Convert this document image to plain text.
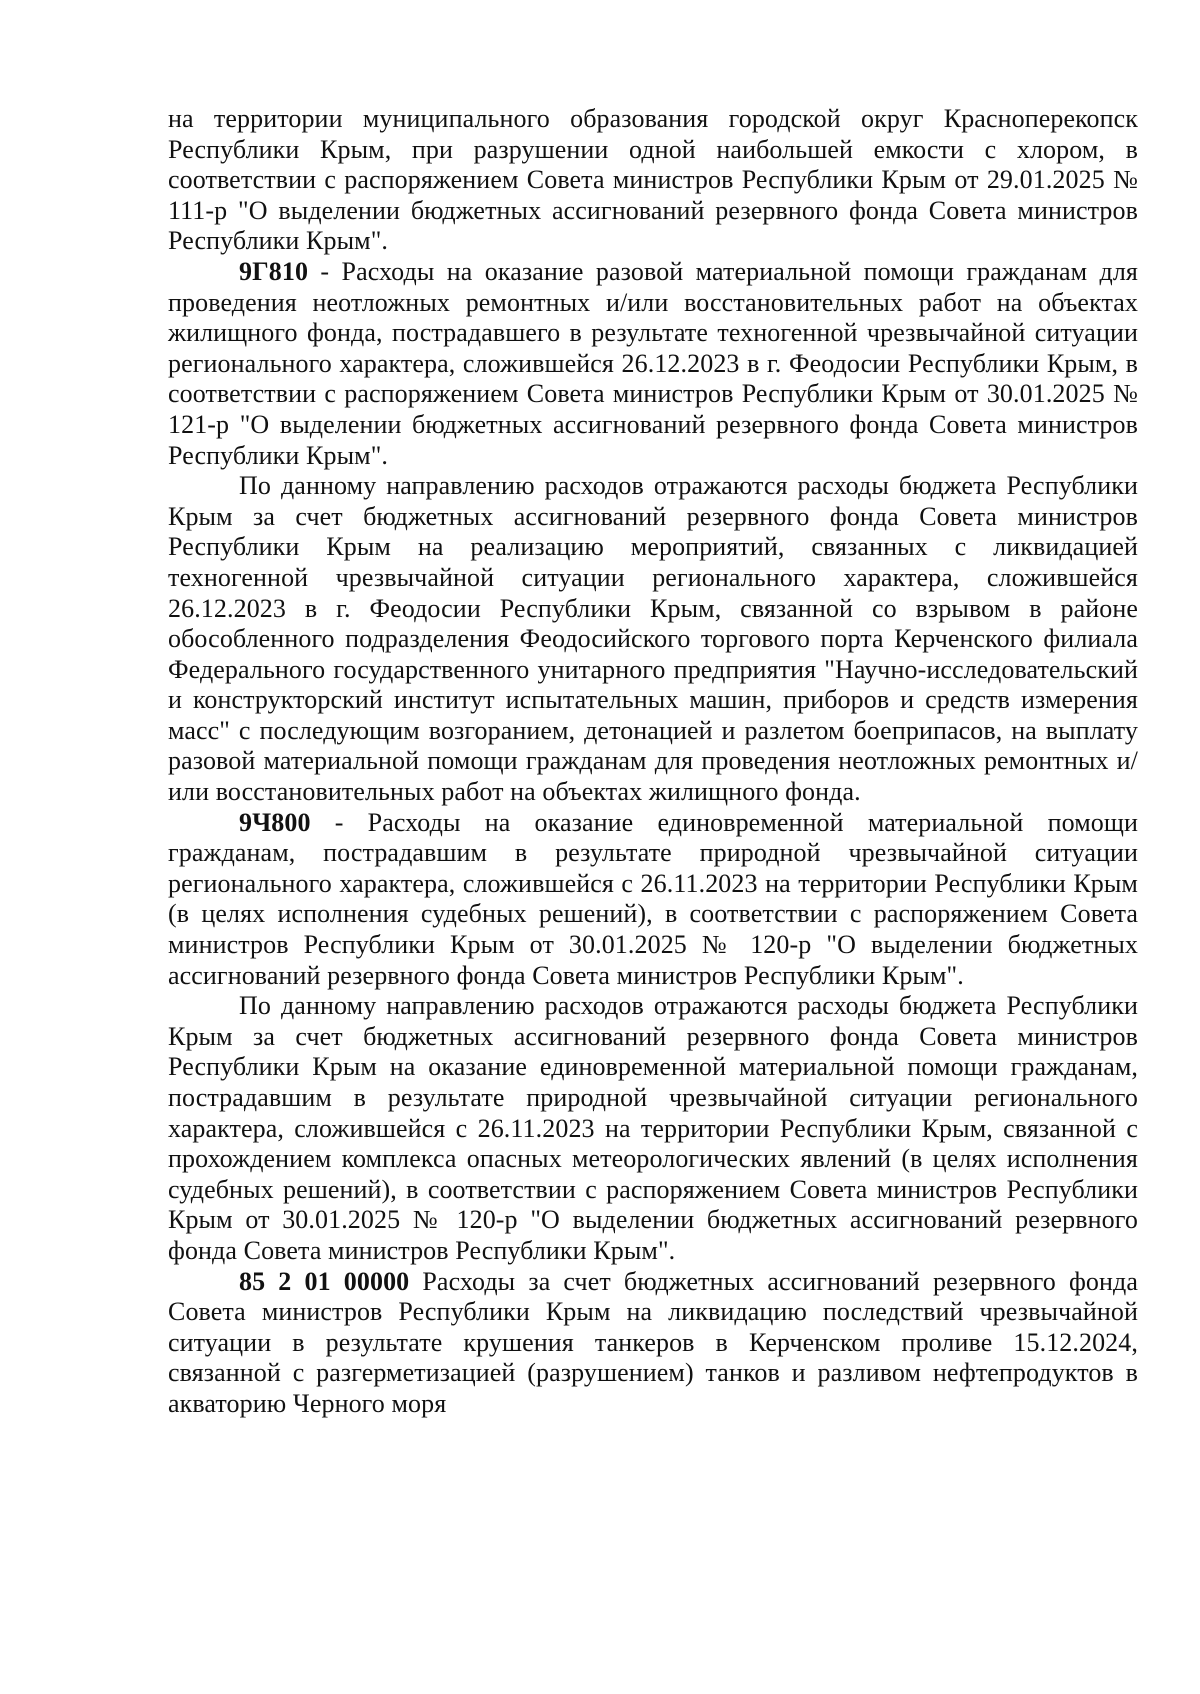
на территории муниципального образования городской округ Красноперекопск Республики Крым, при разрушении одной наибольшей емкости с хлором, в соответствии с распоряжением Совета министров Республики Крым от 29.01.2025 № 111-р "О выделении бюджетных ассигнований резервного фонда Совета министров Республики Крым".

9Г810 - Расходы на оказание разовой материальной помощи гражданам для проведения неотложных ремонтных и/или восстановительных работ на объектах жилищного фонда, пострадавшего в результате техногенной чрезвычайной ситуации регионального характера, сложившейся 26.12.2023 в г. Феодосии Республики Крым, в соответствии с распоряжением Совета министров Республики Крым от 30.01.2025 № 121-р "О выделении бюджетных ассигнований резервного фонда Совета министров Республики Крым".

По данному направлению расходов отражаются расходы бюджета Республики Крым за счет бюджетных ассигнований резервного фонда Совета министров Республики Крым на реализацию мероприятий, связанных с ликвидацией техногенной чрезвычайной ситуации регионального характера, сложившейся 26.12.2023 в г. Феодосии Республики Крым, связанной со взрывом в районе обособленного подразделения Феодосийского торгового порта Керченского филиала Федерального государственного унитарного предприятия "Научно-исследовательский и конструкторский институт испытательных машин, приборов и средств измерения масс" с последующим возгоранием, детонацией и разлетом боеприпасов, на выплату разовой материальной помощи гражданам для проведения неотложных ремонтных и/или восстановительных работ на объектах жилищного фонда.

9Ч800 - Расходы на оказание единовременной материальной помощи гражданам, пострадавшим в результате природной чрезвычайной ситуации регионального характера, сложившейся с 26.11.2023 на территории Республики Крым (в целях исполнения судебных решений), в соответствии с распоряжением Совета министров Республики Крым от 30.01.2025 № 120-р "О выделении бюджетных ассигнований резервного фонда Совета министров Республики Крым".

По данному направлению расходов отражаются расходы бюджета Республики Крым за счет бюджетных ассигнований резервного фонда Совета министров Республики Крым на оказание единовременной материальной помощи гражданам, пострадавшим в результате природной чрезвычайной ситуации регионального характера, сложившейся с 26.11.2023 на территории Республики Крым, связанной с прохождением комплекса опасных метеорологических явлений (в целях исполнения судебных решений), в соответствии с распоряжением Совета министров Республики Крым от 30.01.2025 № 120-р "О выделении бюджетных ассигнований резервного фонда Совета министров Республики Крым".

85 2 01 00000 Расходы за счет бюджетных ассигнований резервного фонда Совета министров Республики Крым на ликвидацию последствий чрезвычайной ситуации в результате крушения танкеров в Керченском проливе 15.12.2024, связанной с разгерметизацией (разрушением) танков и разливом нефтепродуктов в акваторию Черного моря
